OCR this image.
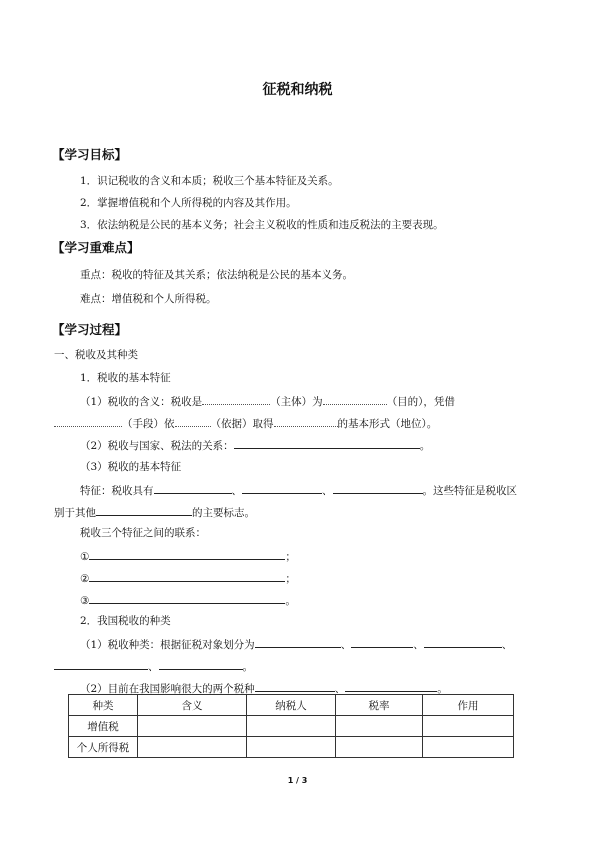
征税和纳税
【学习目标】
1．识记税收的含义和本质；税收三个基本特征及关系。
2．掌握增值税和个人所得税的内容及其作用。
3．依法纳税是公民的基本义务；社会主义税收的性质和违反税法的主要表现。
【学习重难点】
重点：税收的特征及其关系；依法纳税是公民的基本义务。
难点：增值税和个人所得税。
【学习过程】
一、税收及其种类
1．税收的基本特征
（1）税收的含义：税收是	（主体）为	（目的），凭借
（手段）依	（依据）取得	的基本形式（地位）。
（2）税收与国家、税法的关系：	。
（3）税收的基本特征
特征：税收具有	、	、	。这些特征是税收区
别于其他	的主要标志。
税收三个特征之间的联系：
①	；
②	；
③	。
2．我国税收的种类
（1）税收种类：根据征税对象划分为	、	、	、
、	。
（2）目前在我国影响很大的两个税种	、	。
种类	含义	纳税人	税率	作用
增值税				
个人所得税				
1 / 3
